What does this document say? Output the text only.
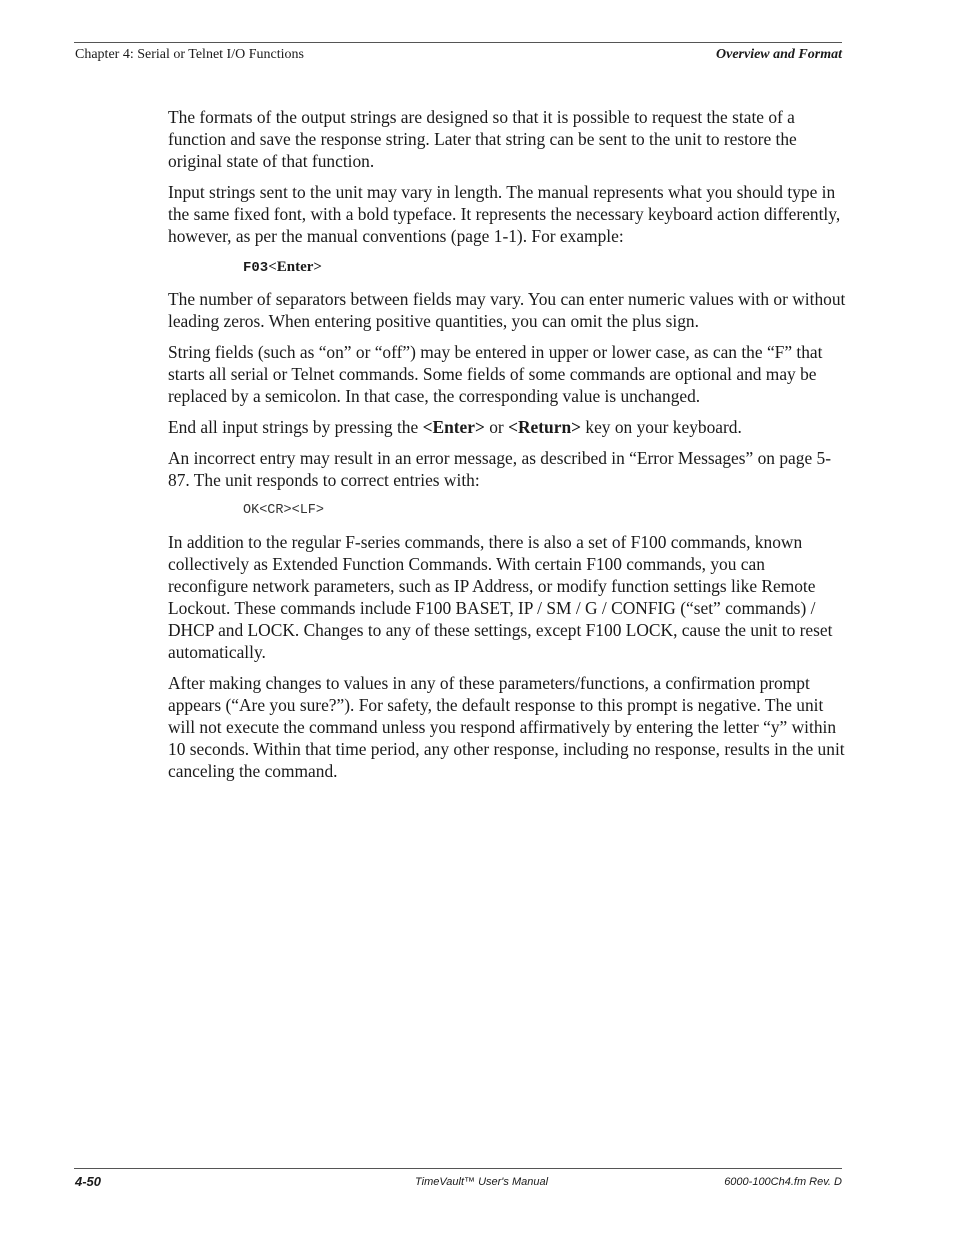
Chapter 4: Serial or Telnet I/O Functions	Overview and Format

The formats of the output strings are designed so that it is possible to request the state of a function and save the response string. Later that string can be sent to the unit to restore the original state of that function.

Input strings sent to the unit may vary in length. The manual represents what you should type in the same fixed font, with a bold typeface. It represents the necessary keyboard action differently, however, as per the manual conventions (page 1-1). For example:

F03<Enter>

The number of separators between fields may vary. You can enter numeric values with or without leading zeros. When entering positive quantities, you can omit the plus sign.

String fields (such as “on” or “off”) may be entered in upper or lower case, as can the “F” that starts all serial or Telnet commands. Some fields of some commands are optional and may be replaced by a semicolon. In that case, the corresponding value is unchanged.

End all input strings by pressing the <Enter> or <Return> key on your keyboard.

An incorrect entry may result in an error message, as described in “Error Messages” on page 5-87. The unit responds to correct entries with:

OK<CR><LF>

In addition to the regular F-series commands, there is also a set of F100 commands, known collectively as Extended Function Commands. With certain F100 commands, you can reconfigure network parameters, such as IP Address, or modify function settings like Remote Lockout. These commands include F100 BASET, IP / SM / G / CONFIG (“set” commands) / DHCP and LOCK. Changes to any of these settings, except F100 LOCK, cause the unit to reset automatically.

After making changes to values in any of these parameters/functions, a confirmation prompt appears (“Are you sure?”). For safety, the default response to this prompt is negative. The unit will not execute the command unless you respond affirmatively by entering the letter “y” within 10 seconds. Within that time period, any other response, including no response, results in the unit canceling the command.

4-50	TimeVault™ User's Manual	6000-100Ch4.fm Rev. D
